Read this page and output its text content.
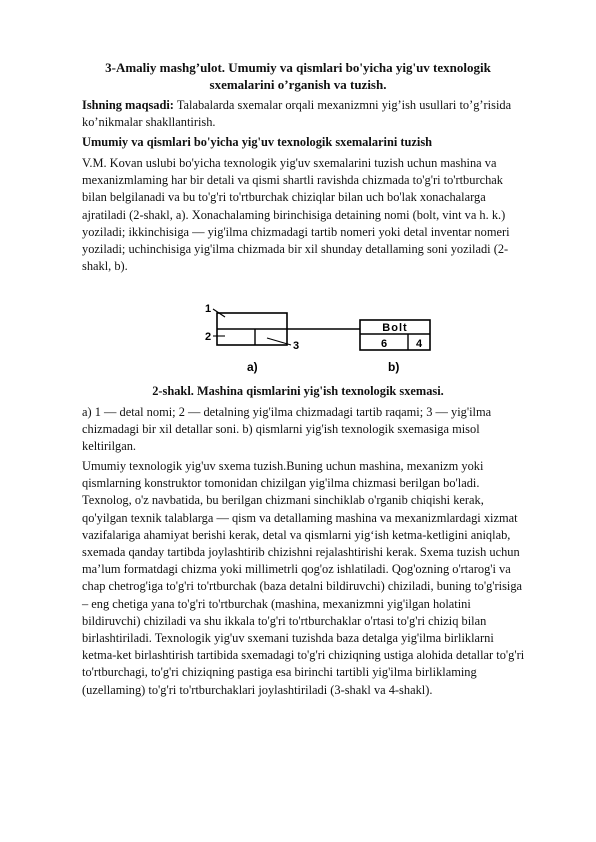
3-Amaliy mashg’ulot. Umumiy va qismlari bo'yicha yig'uv texnologik
sxemalarini o’rganish va tuzish.
Ishning maqsadi: Talabalarda sxemalar orqali mexanizmni yig’ish usullari to’g’risida ko’nikmalar shakllantirish.
Umumiy va qismlari bo'yicha yig'uv texnologik sxemalarini tuzish
V.M. Kovan uslubi bo'yicha texnologik yig'uv sxemalarini tuzish uchun mashina va mexanizmlaming har bir detali va qismi shartli ravishda chizmada to'g'ri to'rtburchak bilan belgilanadi va bu to'g'ri to'rtburchak chiziqlar bilan uch bo'lak xonachalarga ajratiladi (2-shakl, a). Xonachalaming birinchisiga detaining nomi (bolt, vint va h. k.) yoziladi; ikkinchisiga — yig'ilma chizmadagi tartib nomeri yoki detal inventar nomeri yoziladi; uchinchisiga yig'ilma chizmada bir xil shunday detallaming soni yoziladi (2-shakl, b).
1
2
3
Bolt
6	4
a)	b)
2-shakl. Mashina qismlarini yig'ish texnologik sxemasi.
a) 1 — detal nomi; 2 — detalning yig'ilma chizmadagi tartib raqami; 3 — yig'ilma chizmadagi bir xil detallar soni. b) qismlarni yig'ish texnologik sxemasiga misol keltirilgan.
Umumiy texnologik yig'uv sxema tuzish.Buning uchun mashina, mexanizm yoki qismlarning konstruktor tomonidan chizilgan yig'ilma chizmasi berilgan bo'ladi. Texnolog, o'z navbatida, bu berilgan chizmani sinchiklab o'rganib chiqishi kerak, qo'yilgan texnik talablarga — qism va detallaming mashina va mexanizmlardagi xizmat vazifalariga ahamiyat berishi kerak, detal va qismlarni yig‘ish ketma-ketligini aniqlab, sxemada qanday tartibda joylashtirib chizishni rejalashtirishi kerak. Sxema tuzish uchun ma’lum formatdagi chizma yoki millimetrli qog'oz ishlatiladi. Qog'ozning o'rtarog'i va chap chetrog'iga to'g'ri to'rtburchak (baza detalni bildiruvchi) chiziladi, buning to'g'risiga – eng chetiga yana to'g'ri to'rtburchak (mashina, mexanizmni yig'ilgan holatini bildiruvchi) chiziladi va shu ikkala to'g'ri to'rtburchaklar o'rtasi to'g'ri chiziq bilan birlashtiriladi. Texnologik yig'uv sxemani tuzishda baza detalga yig'ilma birliklarni ketma-ket birlashtirish tartibida sxemadagi to'g'ri chiziqning ustiga alohida detallar to'g'ri to'rtburchagi, to'g'ri chiziqning pastiga esa birinchi tartibli yig'ilma birliklaming (uzellaming) to'g'ri to'rtburchaklari joylashtiriladi (3-shakl va 4-shakl).
